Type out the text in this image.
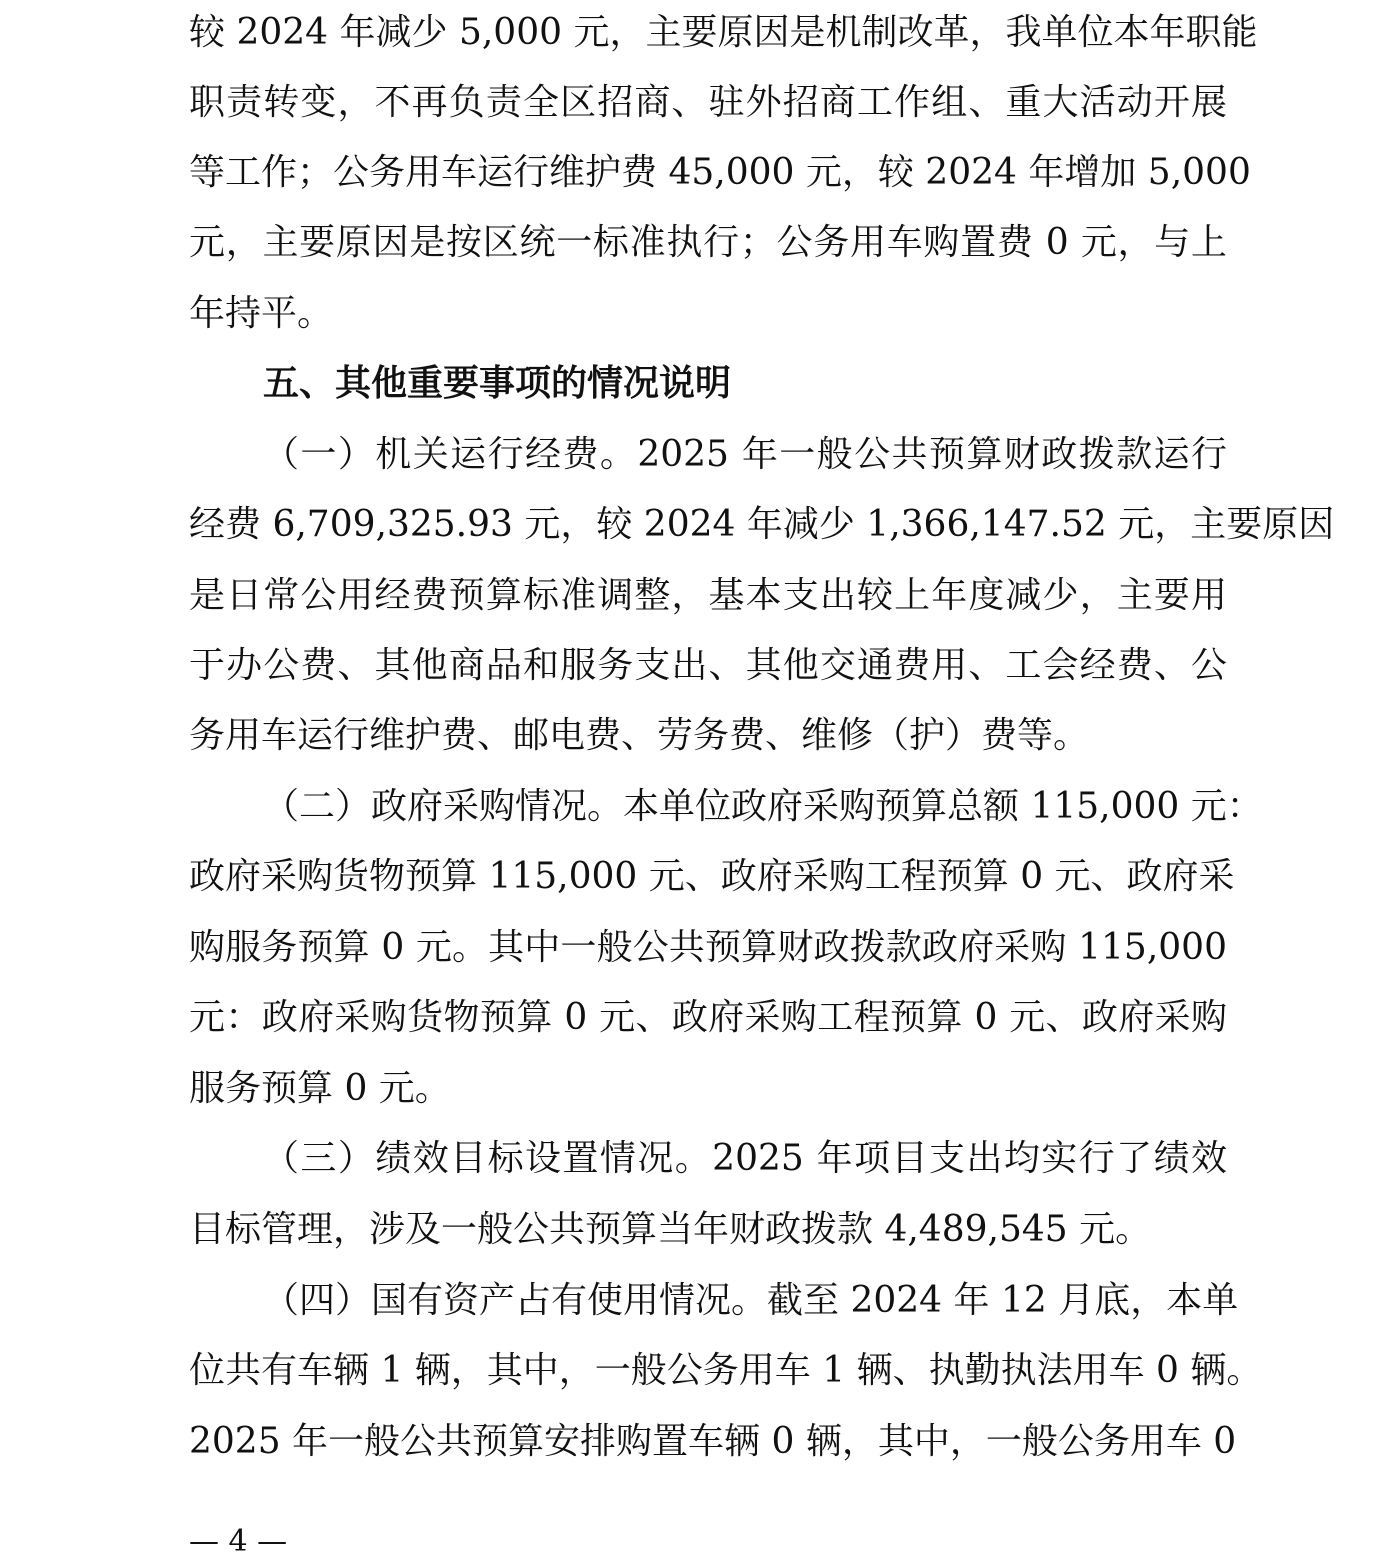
较 2024 年减少 5,000 元，主要原因是机制改革，我单位本年职能
职责转变，不再负责全区招商、驻外招商工作组、重大活动开展
等工作；公务用车运行维护费 45,000 元，较 2024 年增加 5,000
元，主要原因是按区统一标准执行；公务用车购置费 0 元，与上
年持平。
五、其他重要事项的情况说明
（一）机关运行经费。2025 年一般公共预算财政拨款运行
经费 6,709,325.93 元，较 2024 年减少 1,366,147.52 元，主要原因
是日常公用经费预算标准调整，基本支出较上年度减少，主要用
于办公费、其他商品和服务支出、其他交通费用、工会经费、公
务用车运行维护费、邮电费、劳务费、维修（护）费等。
（二）政府采购情况。本单位政府采购预算总额 115,000 元：
政府采购货物预算 115,000 元、政府采购工程预算 0 元、政府采
购服务预算 0 元。其中一般公共预算财政拨款政府采购 115,000
元：政府采购货物预算 0 元、政府采购工程预算 0 元、政府采购
服务预算 0 元。
（三）绩效目标设置情况。2025 年项目支出均实行了绩效
目标管理，涉及一般公共预算当年财政拨款 4,489,545 元。
（四）国有资产占有使用情况。截至 2024 年 12 月底，本单
位共有车辆 1 辆，其中，一般公务用车 1 辆、执勤执法用车 0 辆。
2025 年一般公共预算安排购置车辆 0 辆，其中，一般公务用车 0
— 4 —
